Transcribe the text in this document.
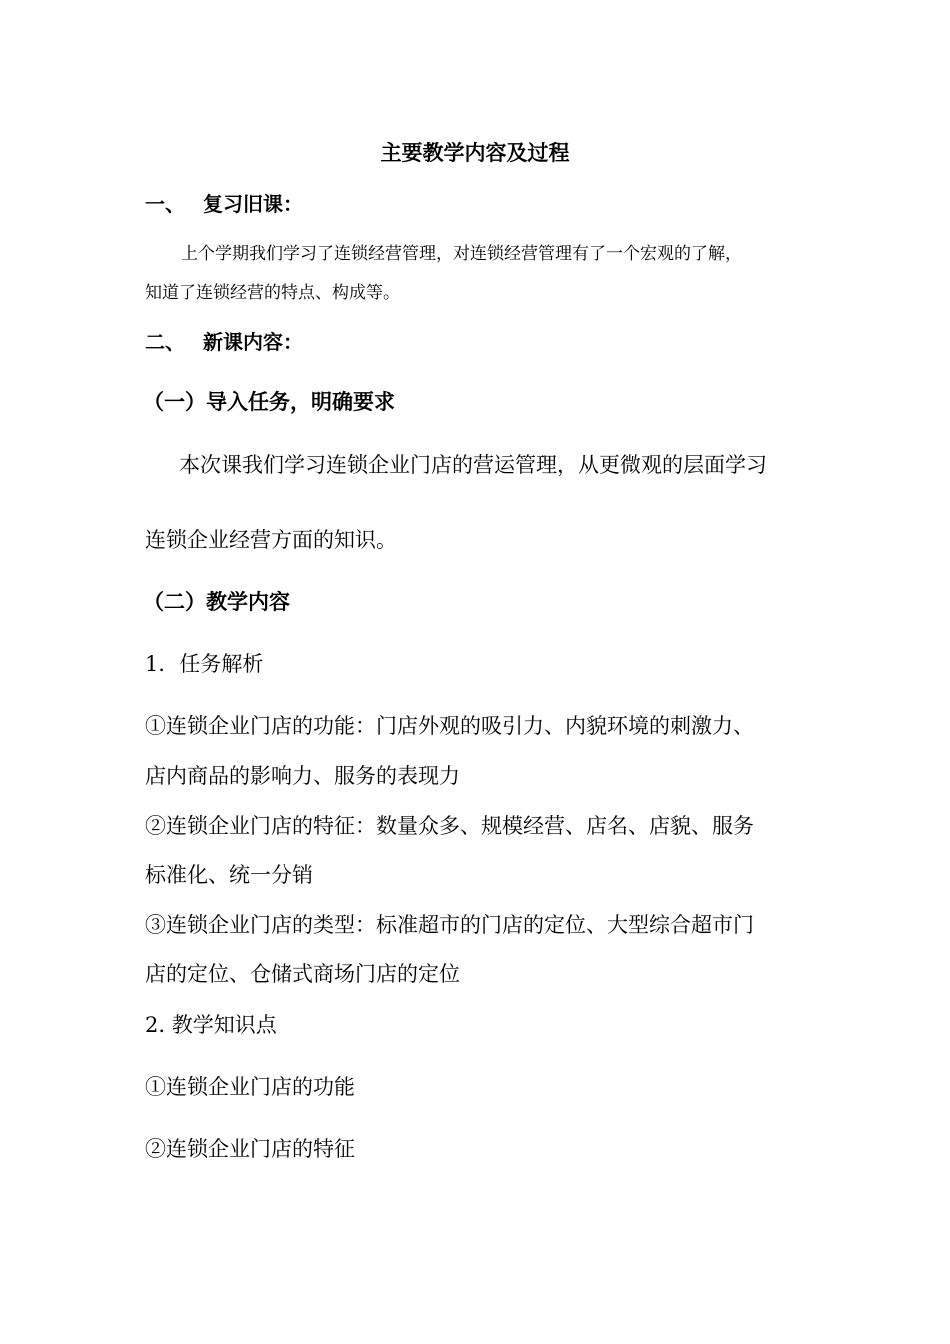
主要教学内容及过程

一、 复习旧课：

上个学期我们学习了连锁经营管理，对连锁经营管理有了一个宏观的了解，

知道了连锁经营的特点、构成等。

二、 新课内容：

（一）导入任务，明确要求

本次课我们学习连锁企业门店的营运管理，从更微观的层面学习

连锁企业经营方面的知识。

（二）教学内容

1．任务解析

①连锁企业门店的功能：门店外观的吸引力、内貌环境的刺激力、

店内商品的影响力、服务的表现力

②连锁企业门店的特征：数量众多、规模经营、店名、店貌、服务

标准化、统一分销

③连锁企业门店的类型：标准超市的门店的定位、大型综合超市门

店的定位、仓储式商场门店的定位

2. 教学知识点

①连锁企业门店的功能

②连锁企业门店的特征
